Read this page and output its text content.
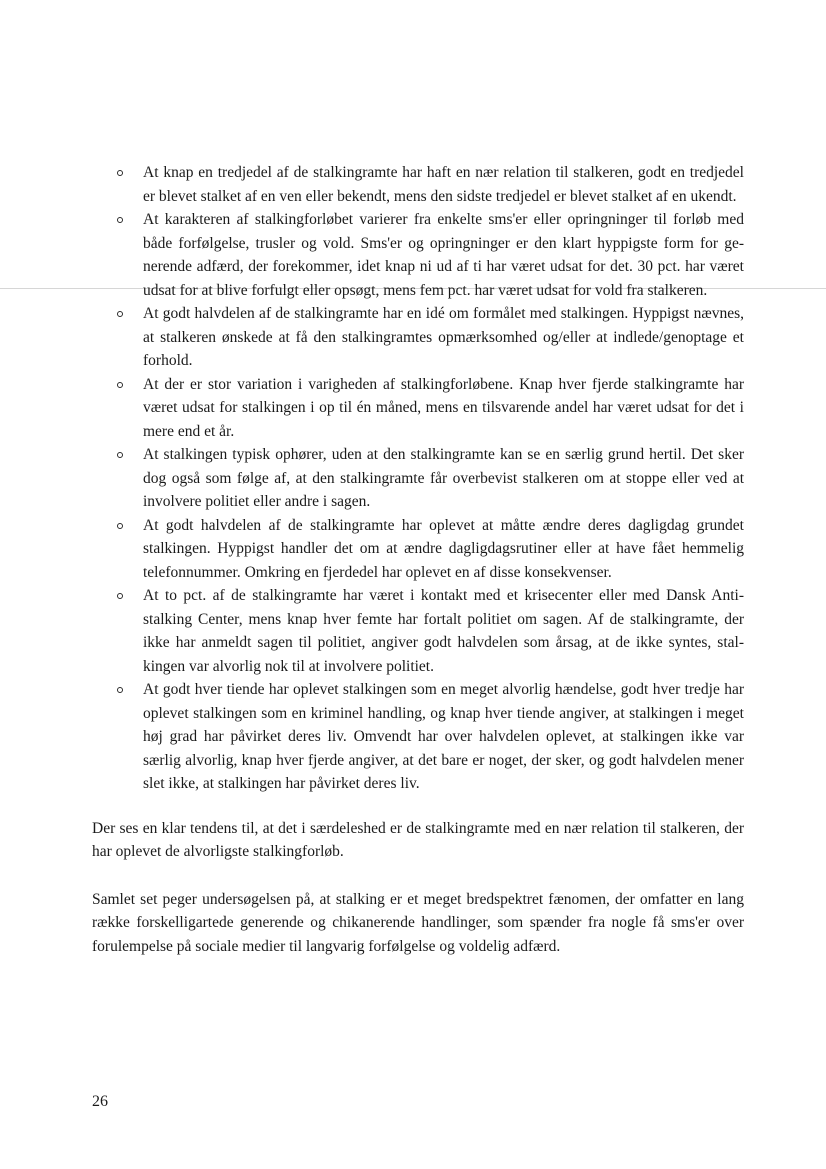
At knap en tredjedel af de stalkingramte har haft en nær relation til stalkeren, godt en tredjedel er blevet stalket af en ven eller bekendt, mens den sidste tredjedel er blevet stalket af en ukendt.
At karakteren af stalkingforløbet varierer fra enkelte sms'er eller opringninger til forløb med både forfølgelse, trusler og vold. Sms'er og opringninger er den klart hyppigste form for generende adfærd, der forekommer, idet knap ni ud af ti har været udsat for det. 30 pct. har været udsat for at blive forfulgt eller opsøgt, mens fem pct. har været udsat for vold fra stalkeren.
At godt halvdelen af de stalkingramte har en idé om formålet med stalkingen. Hyppigst nævnes, at stalkeren ønskede at få den stalkingramtes opmærksomhed og/eller at indlede/genoptage et forhold.
At der er stor variation i varigheden af stalkingforløbene. Knap hver fjerde stalkingramte har været udsat for stalkingen i op til én måned, mens en tilsvarende andel har været udsat for det i mere end et år.
At stalkingen typisk ophører, uden at den stalkingramte kan se en særlig grund hertil. Det sker dog også som følge af, at den stalkingramte får overbevist stalkeren om at stoppe eller ved at involvere politiet eller andre i sagen.
At godt halvdelen af de stalkingramte har oplevet at måtte ændre deres dagligdag grundet stalkingen. Hyppigst handler det om at ændre dagligdagsrutiner eller at have fået hemmelig telefonnummer. Omkring en fjerdedel har oplevet en af disse konsekvenser.
At to pct. af de stalkingramte har været i kontakt med et krisecenter eller med Dansk Antistalking Center, mens knap hver femte har fortalt politiet om sagen. Af de stalkingramte, der ikke har anmeldt sagen til politiet, angiver godt halvdelen som årsag, at de ikke syntes, stalkingen var alvorlig nok til at involvere politiet.
At godt hver tiende har oplevet stalkingen som en meget alvorlig hændelse, godt hver tredje har oplevet stalkingen som en kriminel handling, og knap hver tiende angiver, at stalkingen i meget høj grad har påvirket deres liv. Omvendt har over halvdelen oplevet, at stalkingen ikke var særlig alvorlig, knap hver fjerde angiver, at det bare er noget, der sker, og godt halvdelen mener slet ikke, at stalkingen har påvirket deres liv.

Der ses en klar tendens til, at det i særdeleshed er de stalkingramte med en nær relation til stalkeren, der har oplevet de alvorligste stalkingforløb.

Samlet set peger undersøgelsen på, at stalking er et meget bredspektret fænomen, der omfatter en lang række forskelligartede generende og chikanerende handlinger, som spænder fra nogle få sms'er over forulempelse på sociale medier til langvarig forfølgelse og voldelig adfærd.

26
